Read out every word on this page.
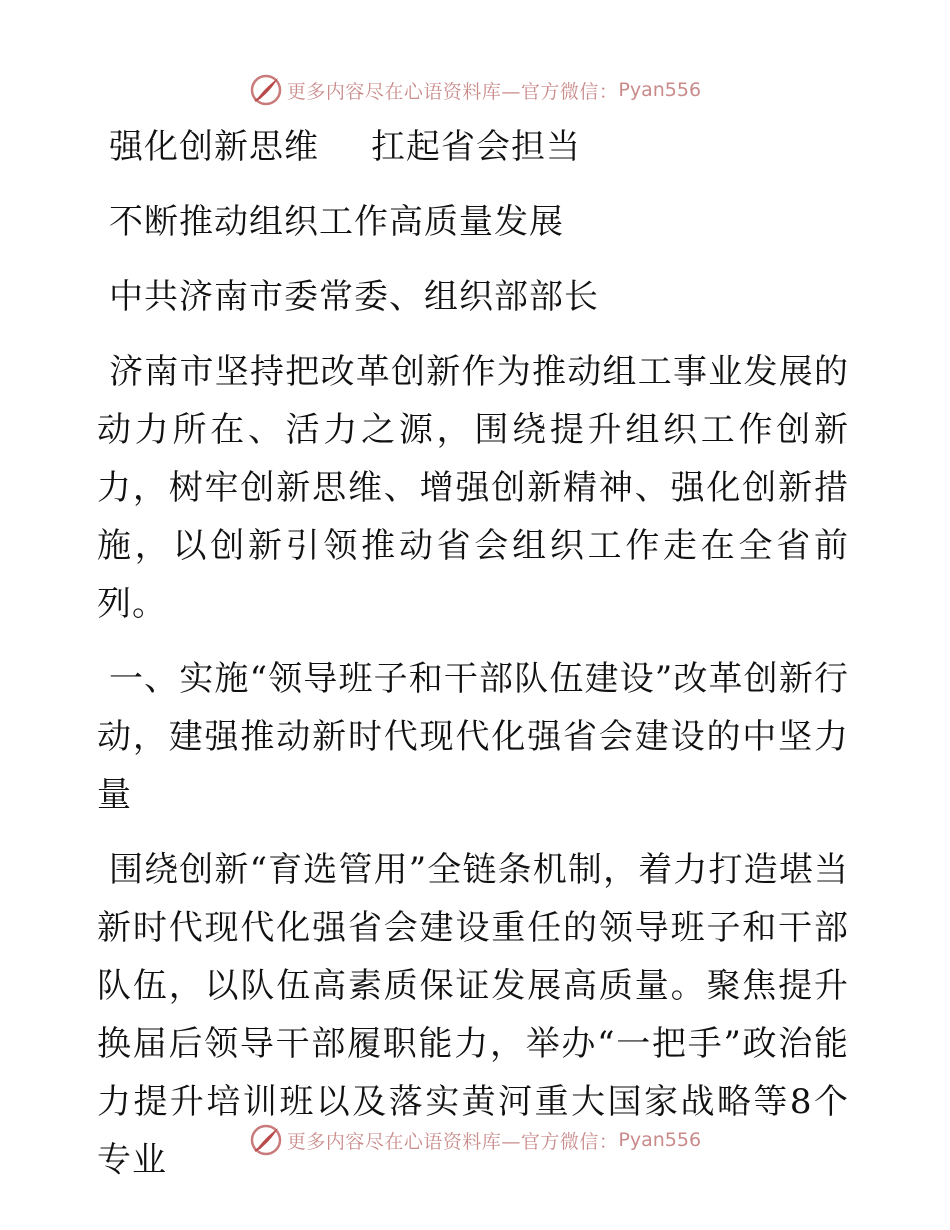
更多内容尽在心语资料库—官方微信： Pyan556

强化创新思维 扛起省会担当

不断推动组织工作高质量发展

中共济南市委常委、组织部部长

济南市坚持把改革创新作为推动组工事业发展的动力所在、活力之源，围绕提升组织工作创新力，树牢创新思维、增强创新精神、强化创新措施，以创新引领推动省会组织工作走在全省前列。

一、实施“领导班子和干部队伍建设”改革创新行动，建强推动新时代现代化强省会建设的中坚力量

围绕创新“育选管用”全链条机制，着力打造堪当新时代现代化强省会建设重任的领导班子和干部队伍，以队伍高素质保证发展高质量。聚焦提升换届后领导干部履职能力，举办“一把手”政治能力提升培训班以及落实黄河重大国家战略等8个专业	更多内容尽在心语资料库—官方微信： Pyan556
